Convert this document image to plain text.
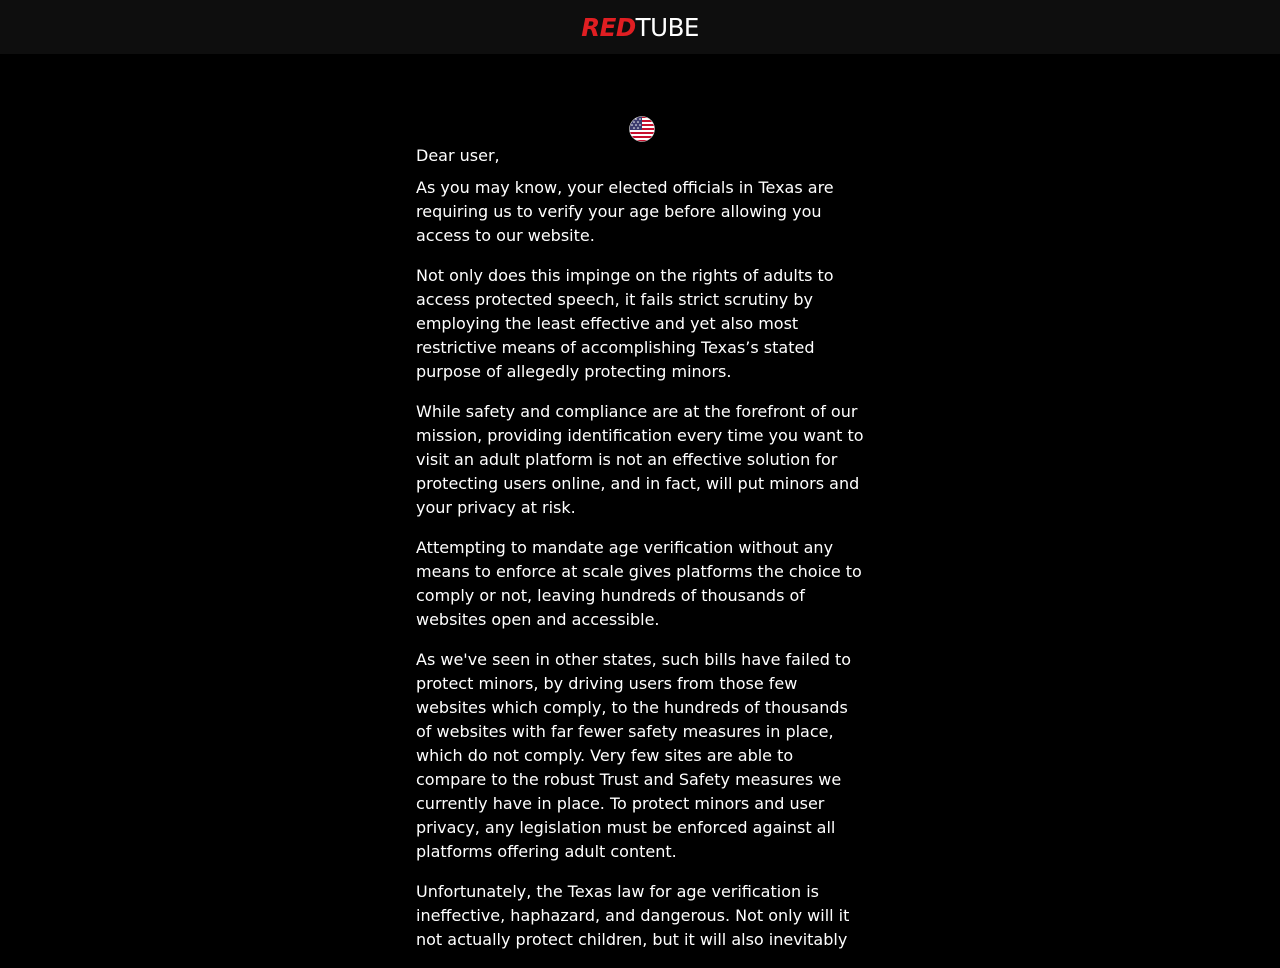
REDTUBE

Dear user,

As you may know, your elected officials in Texas are requiring us to verify your age before allowing you access to our website.

Not only does this impinge on the rights of adults to access protected speech, it fails strict scrutiny by employing the least effective and yet also most restrictive means of accomplishing Texas’s stated purpose of allegedly protecting minors.

While safety and compliance are at the forefront of our mission, providing identification every time you want to visit an adult platform is not an effective solution for protecting users online, and in fact, will put minors and your privacy at risk.

Attempting to mandate age verification without any means to enforce at scale gives platforms the choice to comply or not, leaving hundreds of thousands of websites open and accessible.

As we've seen in other states, such bills have failed to protect minors, by driving users from those few websites which comply, to the hundreds of thousands of websites with far fewer safety measures in place, which do not comply. Very few sites are able to compare to the robust Trust and Safety measures we currently have in place. To protect minors and user privacy, any legislation must be enforced against all platforms offering adult content.

Unfortunately, the Texas law for age verification is ineffective, haphazard, and dangerous. Not only will it not actually protect children, but it will also inevitably
